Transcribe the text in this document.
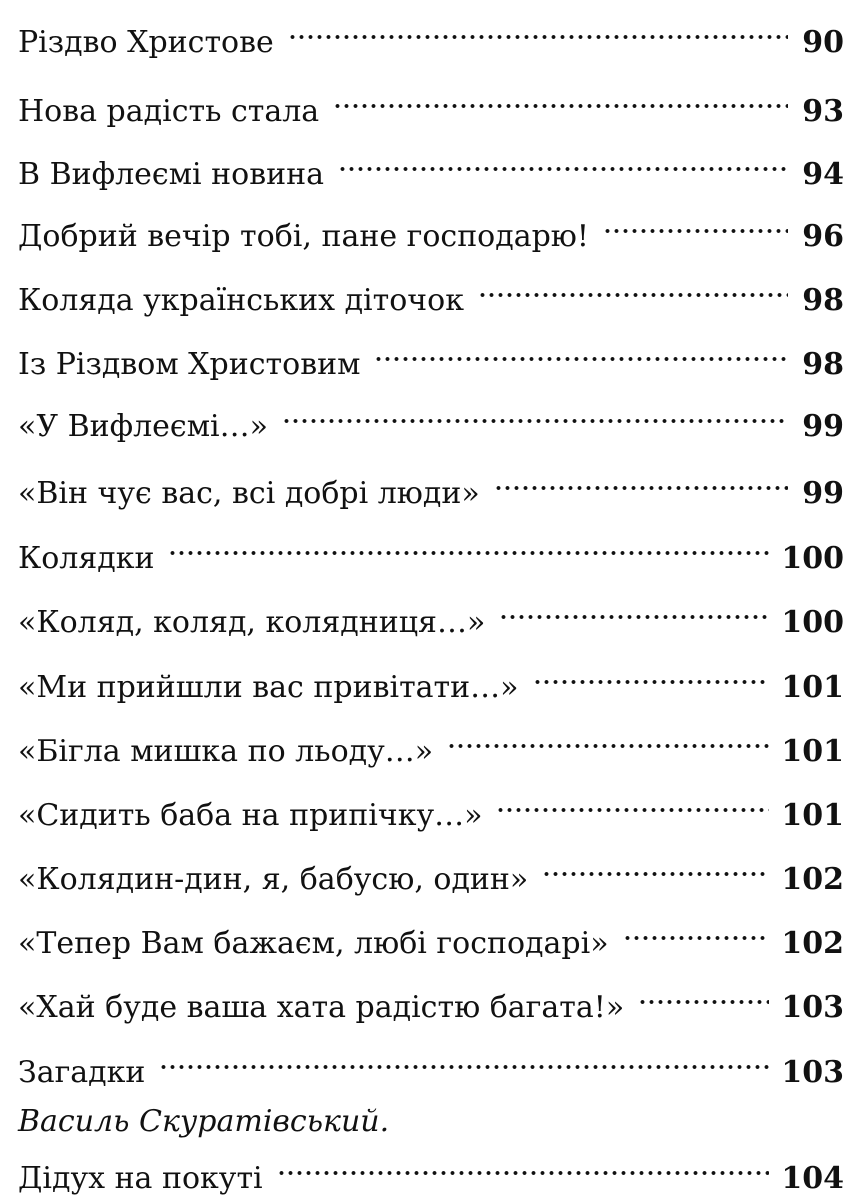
Різдво Христове	90
Нова радість стала	93
В Вифлеємі новина	94
Добрий вечір тобі, пане господарю!	96
Коляда українських діточок	98
Із Різдвом Христовим	98
«У Вифлеємі…»	99
«Він чує вас, всі добрі люди»	99
Колядки	100
«Коляд, коляд, колядниця…»	100
«Ми прийшли вас привітати…»	101
«Бігла мишка по льоду…»	101
«Сидить баба на припічку…»	101
«Колядин-дин, я, бабусю, один»	102
«Тепер Вам бажаєм, любі господарі»	102
«Хай буде ваша хата радістю багата!»	103
Загадки	103
Василь Скуратівський.
Дідух на покуті	104
